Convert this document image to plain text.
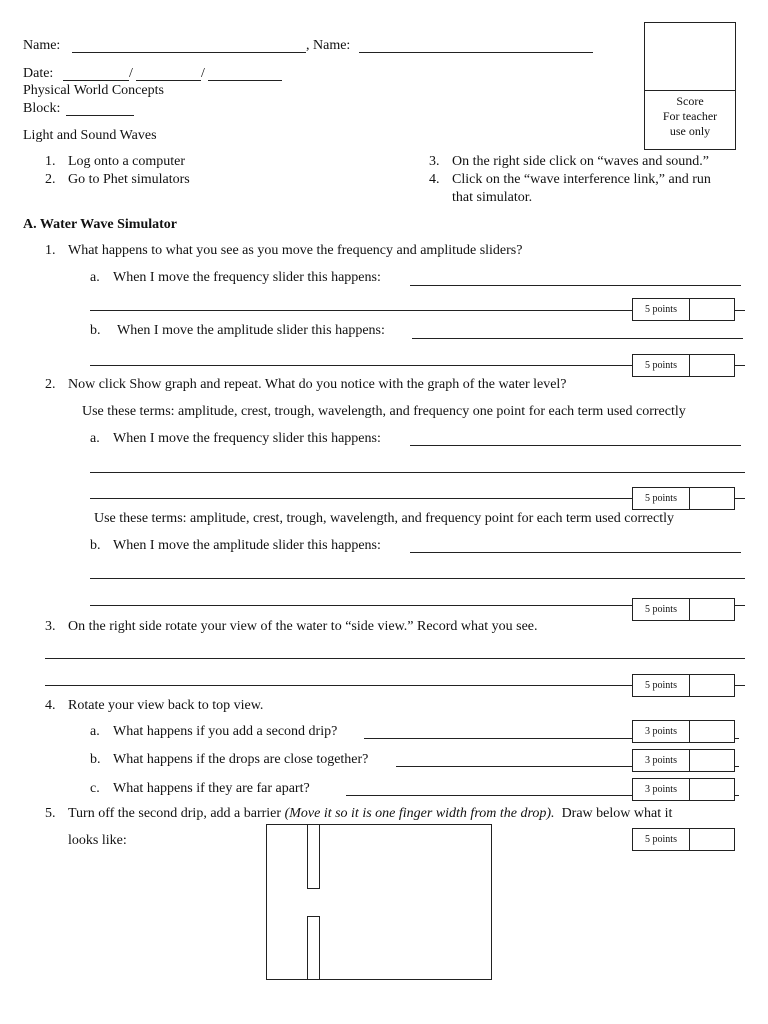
Name:	, Name:
Date:	/	/
Physical World Concepts
Block:
Light and Sound Waves
Score
For teacher
use only
1. Log onto a computer
2. Go to Phet simulators
3. On the right side click on “waves and sound.”
4. Click on the “wave interference link,” and run
that simulator.
A. Water Wave Simulator
1. What happens to what you see as you move the frequency and amplitude sliders?
a. When I move the frequency slider this happens:
5 points
b. When I move the amplitude slider this happens:
5 points
2. Now click Show graph and repeat. What do you notice with the graph of the water level?
Use these terms: amplitude, crest, trough, wavelength, and frequency one point for each term used correctly
a. When I move the frequency slider this happens:
5 points
Use these terms: amplitude, crest, trough, wavelength, and frequency point for each term used correctly
b. When I move the amplitude slider this happens:
5 points
3. On the right side rotate your view of the water to “side view.” Record what you see.
5 points
4. Rotate your view back to top view.
a. What happens if you add a second drip?	3 points
b. What happens if the drops are close together?	3 points
c. What happens if they are far apart?	3 points
5. Turn off the second drip, add a barrier (Move it so it is one finger width from the drop). Draw below what it
looks like:	5 points
